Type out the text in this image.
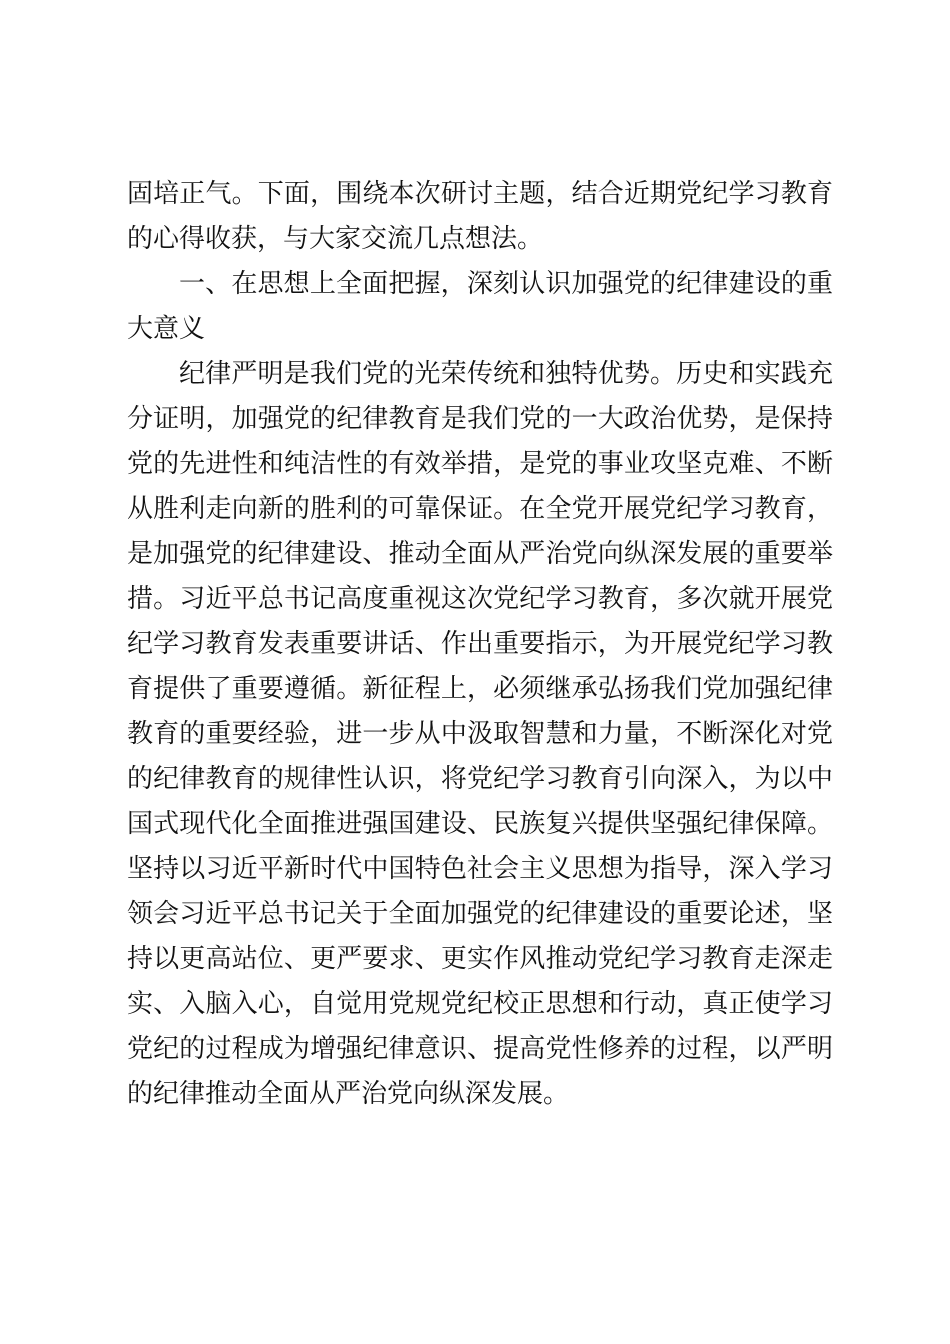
固培正气。下面，围绕本次研讨主题，结合近期党纪学习教育的心得收获，与大家交流几点想法。

一、在思想上全面把握，深刻认识加强党的纪律建设的重大意义

纪律严明是我们党的光荣传统和独特优势。历史和实践充分证明，加强党的纪律教育是我们党的一大政治优势，是保持党的先进性和纯洁性的有效举措，是党的事业攻坚克难、不断从胜利走向新的胜利的可靠保证。在全党开展党纪学习教育，是加强党的纪律建设、推动全面从严治党向纵深发展的重要举措。习近平总书记高度重视这次党纪学习教育，多次就开展党纪学习教育发表重要讲话、作出重要指示，为开展党纪学习教育提供了重要遵循。新征程上，必须继承弘扬我们党加强纪律教育的重要经验，进一步从中汲取智慧和力量，不断深化对党的纪律教育的规律性认识，将党纪学习教育引向深入，为以中国式现代化全面推进强国建设、民族复兴提供坚强纪律保障。坚持以习近平新时代中国特色社会主义思想为指导，深入学习领会习近平总书记关于全面加强党的纪律建设的重要论述，坚持以更高站位、更严要求、更实作风推动党纪学习教育走深走实、入脑入心，自觉用党规党纪校正思想和行动，真正使学习党纪的过程成为增强纪律意识、提高党性修养的过程，以严明的纪律推动全面从严治党向纵深发展。
